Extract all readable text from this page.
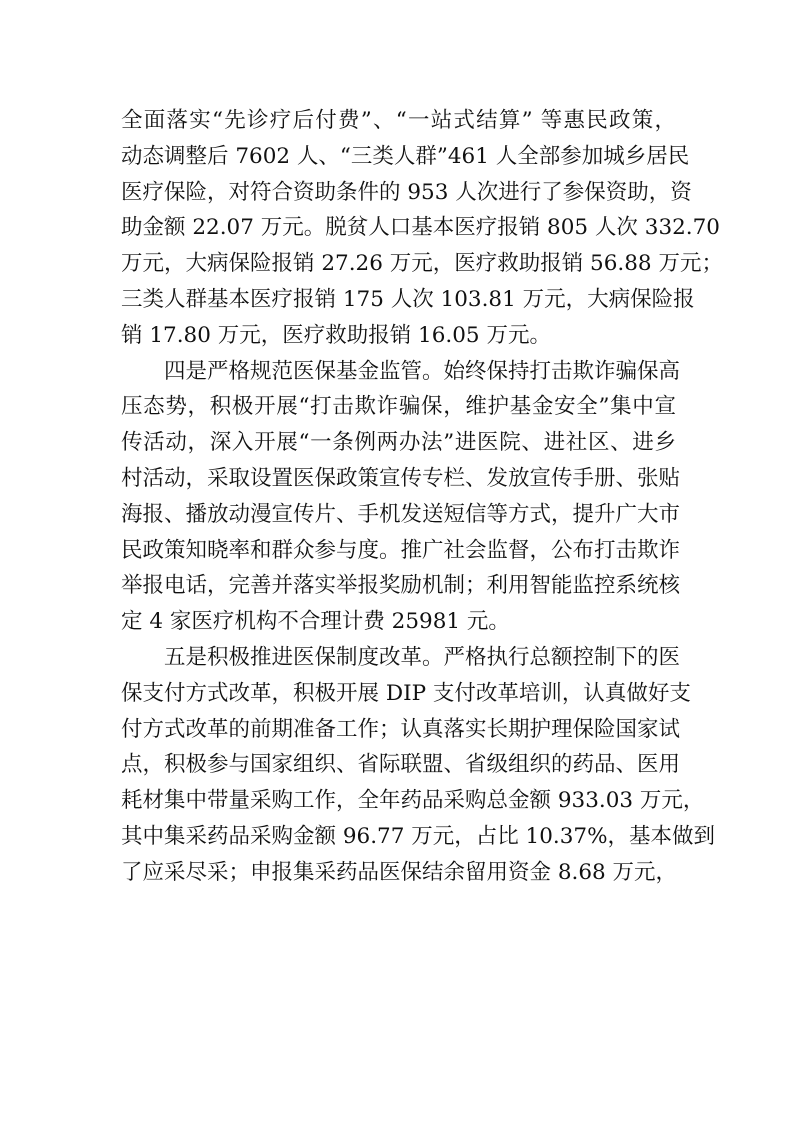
全面落实“先诊疗后付费”、“一站式结算” 等惠民政策，
动态调整后 7602 人、“三类人群”461 人全部参加城乡居民
医疗保险，对符合资助条件的 953 人次进行了参保资助，资
助金额 22.07 万元。脱贫人口基本医疗报销 805 人次 332.70
万元，大病保险报销 27.26 万元，医疗救助报销 56.88 万元；
三类人群基本医疗报销 175 人次 103.81 万元，大病保险报
销 17.80 万元，医疗救助报销 16.05 万元。
四是严格规范医保基金监管。始终保持打击欺诈骗保高
压态势，积极开展“打击欺诈骗保，维护基金安全”集中宣
传活动，深入开展“一条例两办法”进医院、进社区、进乡
村活动，采取设置医保政策宣传专栏、发放宣传手册、张贴
海报、播放动漫宣传片、手机发送短信等方式，提升广大市
民政策知晓率和群众参与度。推广社会监督，公布打击欺诈
举报电话，完善并落实举报奖励机制；利用智能监控系统核
定 4 家医疗机构不合理计费 25981 元。
五是积极推进医保制度改革。严格执行总额控制下的医
保支付方式改革，积极开展 DIP 支付改革培训，认真做好支
付方式改革的前期准备工作；认真落实长期护理保险国家试
点，积极参与国家组织、省际联盟、省级组织的药品、医用
耗材集中带量采购工作，全年药品采购总金额 933.03 万元，
其中集采药品采购金额 96.77 万元，占比 10.37%，基本做到
了应采尽采；申报集采药品医保结余留用资金 8.68 万元，
